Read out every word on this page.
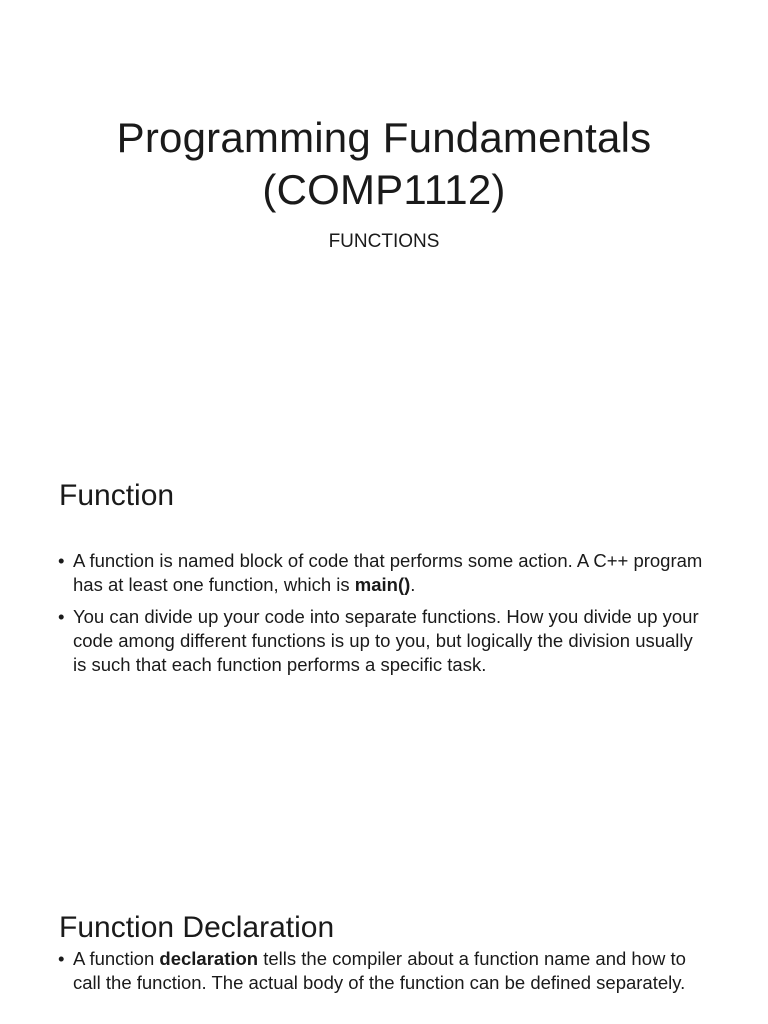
Programming Fundamentals
(COMP1112)

FUNCTIONS

Function
• A function is named block of code that performs some action. A C++ program has at least one function, which is main().
• You can divide up your code into separate functions. How you divide up your code among different functions is up to you, but logically the division usually is such that each function performs a specific task.
Function Declaration
• A function declaration tells the compiler about a function name and how to call the function. The actual body of the function can be defined separately.
